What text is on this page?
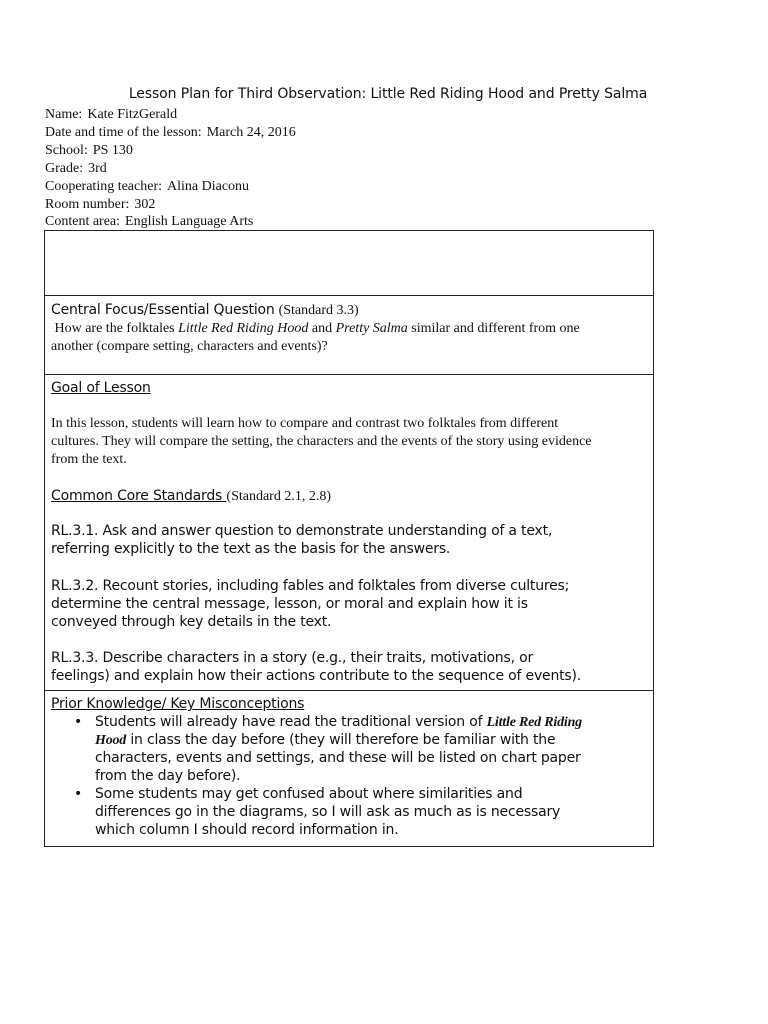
Lesson Plan for Third Observation: Little Red Riding Hood and Pretty Salma
Name: Kate FitzGerald
Date and time of the lesson: March 24, 2016
School: PS 130
Grade: 3rd
Cooperating teacher: Alina Diaconu
Room number: 302
Content area: English Language Arts
Central Focus/Essential Question (Standard 3.3)
How are the folktales Little Red Riding Hood and Pretty Salma similar and different from one
another (compare setting, characters and events)?
Goal of Lesson
In this lesson, students will learn how to compare and contrast two folktales from different
cultures. They will compare the setting, the characters and the events of the story using evidence
from the text.
Common Core Standards (Standard 2.1, 2.8)
RL.3.1. Ask and answer question to demonstrate understanding of a text,
referring explicitly to the text as the basis for the answers.
RL.3.2. Recount stories, including fables and folktales from diverse cultures;
determine the central message, lesson, or moral and explain how it is
conveyed through key details in the text.
RL.3.3. Describe characters in a story (e.g., their traits, motivations, or
feelings) and explain how their actions contribute to the sequence of events).
Prior Knowledge/ Key Misconceptions
• Students will already have read the traditional version of Little Red Riding
Hood in class the day before (they will therefore be familiar with the
characters, events and settings, and these will be listed on chart paper
from the day before).
• Some students may get confused about where similarities and
differences go in the diagrams, so I will ask as much as is necessary
which column I should record information in.
